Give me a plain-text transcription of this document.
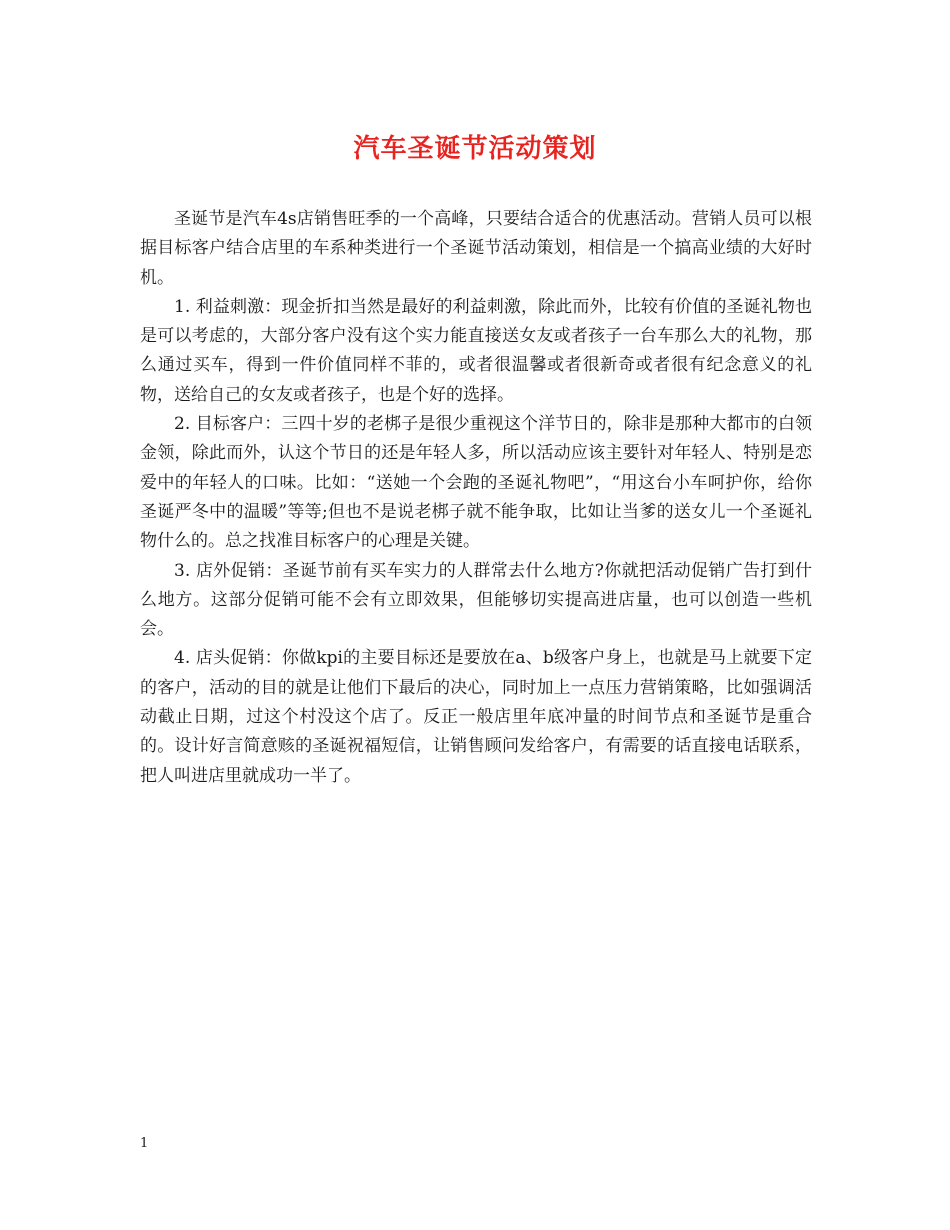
汽车圣诞节活动策划

圣诞节是汽车4s店销售旺季的一个高峰，只要结合适合的优惠活动。营销人员可以根据目标客户结合店里的车系种类进行一个圣诞节活动策划，相信是一个搞高业绩的大好时机。

1. 利益刺激：现金折扣当然是最好的利益刺激，除此而外，比较有价值的圣诞礼物也是可以考虑的，大部分客户没有这个实力能直接送女友或者孩子一台车那么大的礼物，那么通过买车，得到一件价值同样不菲的，或者很温馨或者很新奇或者很有纪念意义的礼物，送给自己的女友或者孩子，也是个好的选择。

2. 目标客户：三四十岁的老梆子是很少重视这个洋节日的，除非是那种大都市的白领金领，除此而外，认这个节日的还是年轻人多，所以活动应该主要针对年轻人、特别是恋爱中的年轻人的口味。比如：“送她一个会跑的圣诞礼物吧”，“用这台小车呵护你，给你圣诞严冬中的温暖”等等;但也不是说老梆子就不能争取，比如让当爹的送女儿一个圣诞礼物什么的。总之找准目标客户的心理是关键。

3. 店外促销：圣诞节前有买车实力的人群常去什么地方?你就把活动促销广告打到什么地方。这部分促销可能不会有立即效果，但能够切实提高进店量，也可以创造一些机会。

4. 店头促销：你做kpi的主要目标还是要放在a、b级客户身上，也就是马上就要下定的客户，活动的目的就是让他们下最后的决心，同时加上一点压力营销策略，比如强调活动截止日期，过这个村没这个店了。反正一般店里年底冲量的时间节点和圣诞节是重合的。设计好言简意赅的圣诞祝福短信，让销售顾问发给客户，有需要的话直接电话联系，把人叫进店里就成功一半了。

1
